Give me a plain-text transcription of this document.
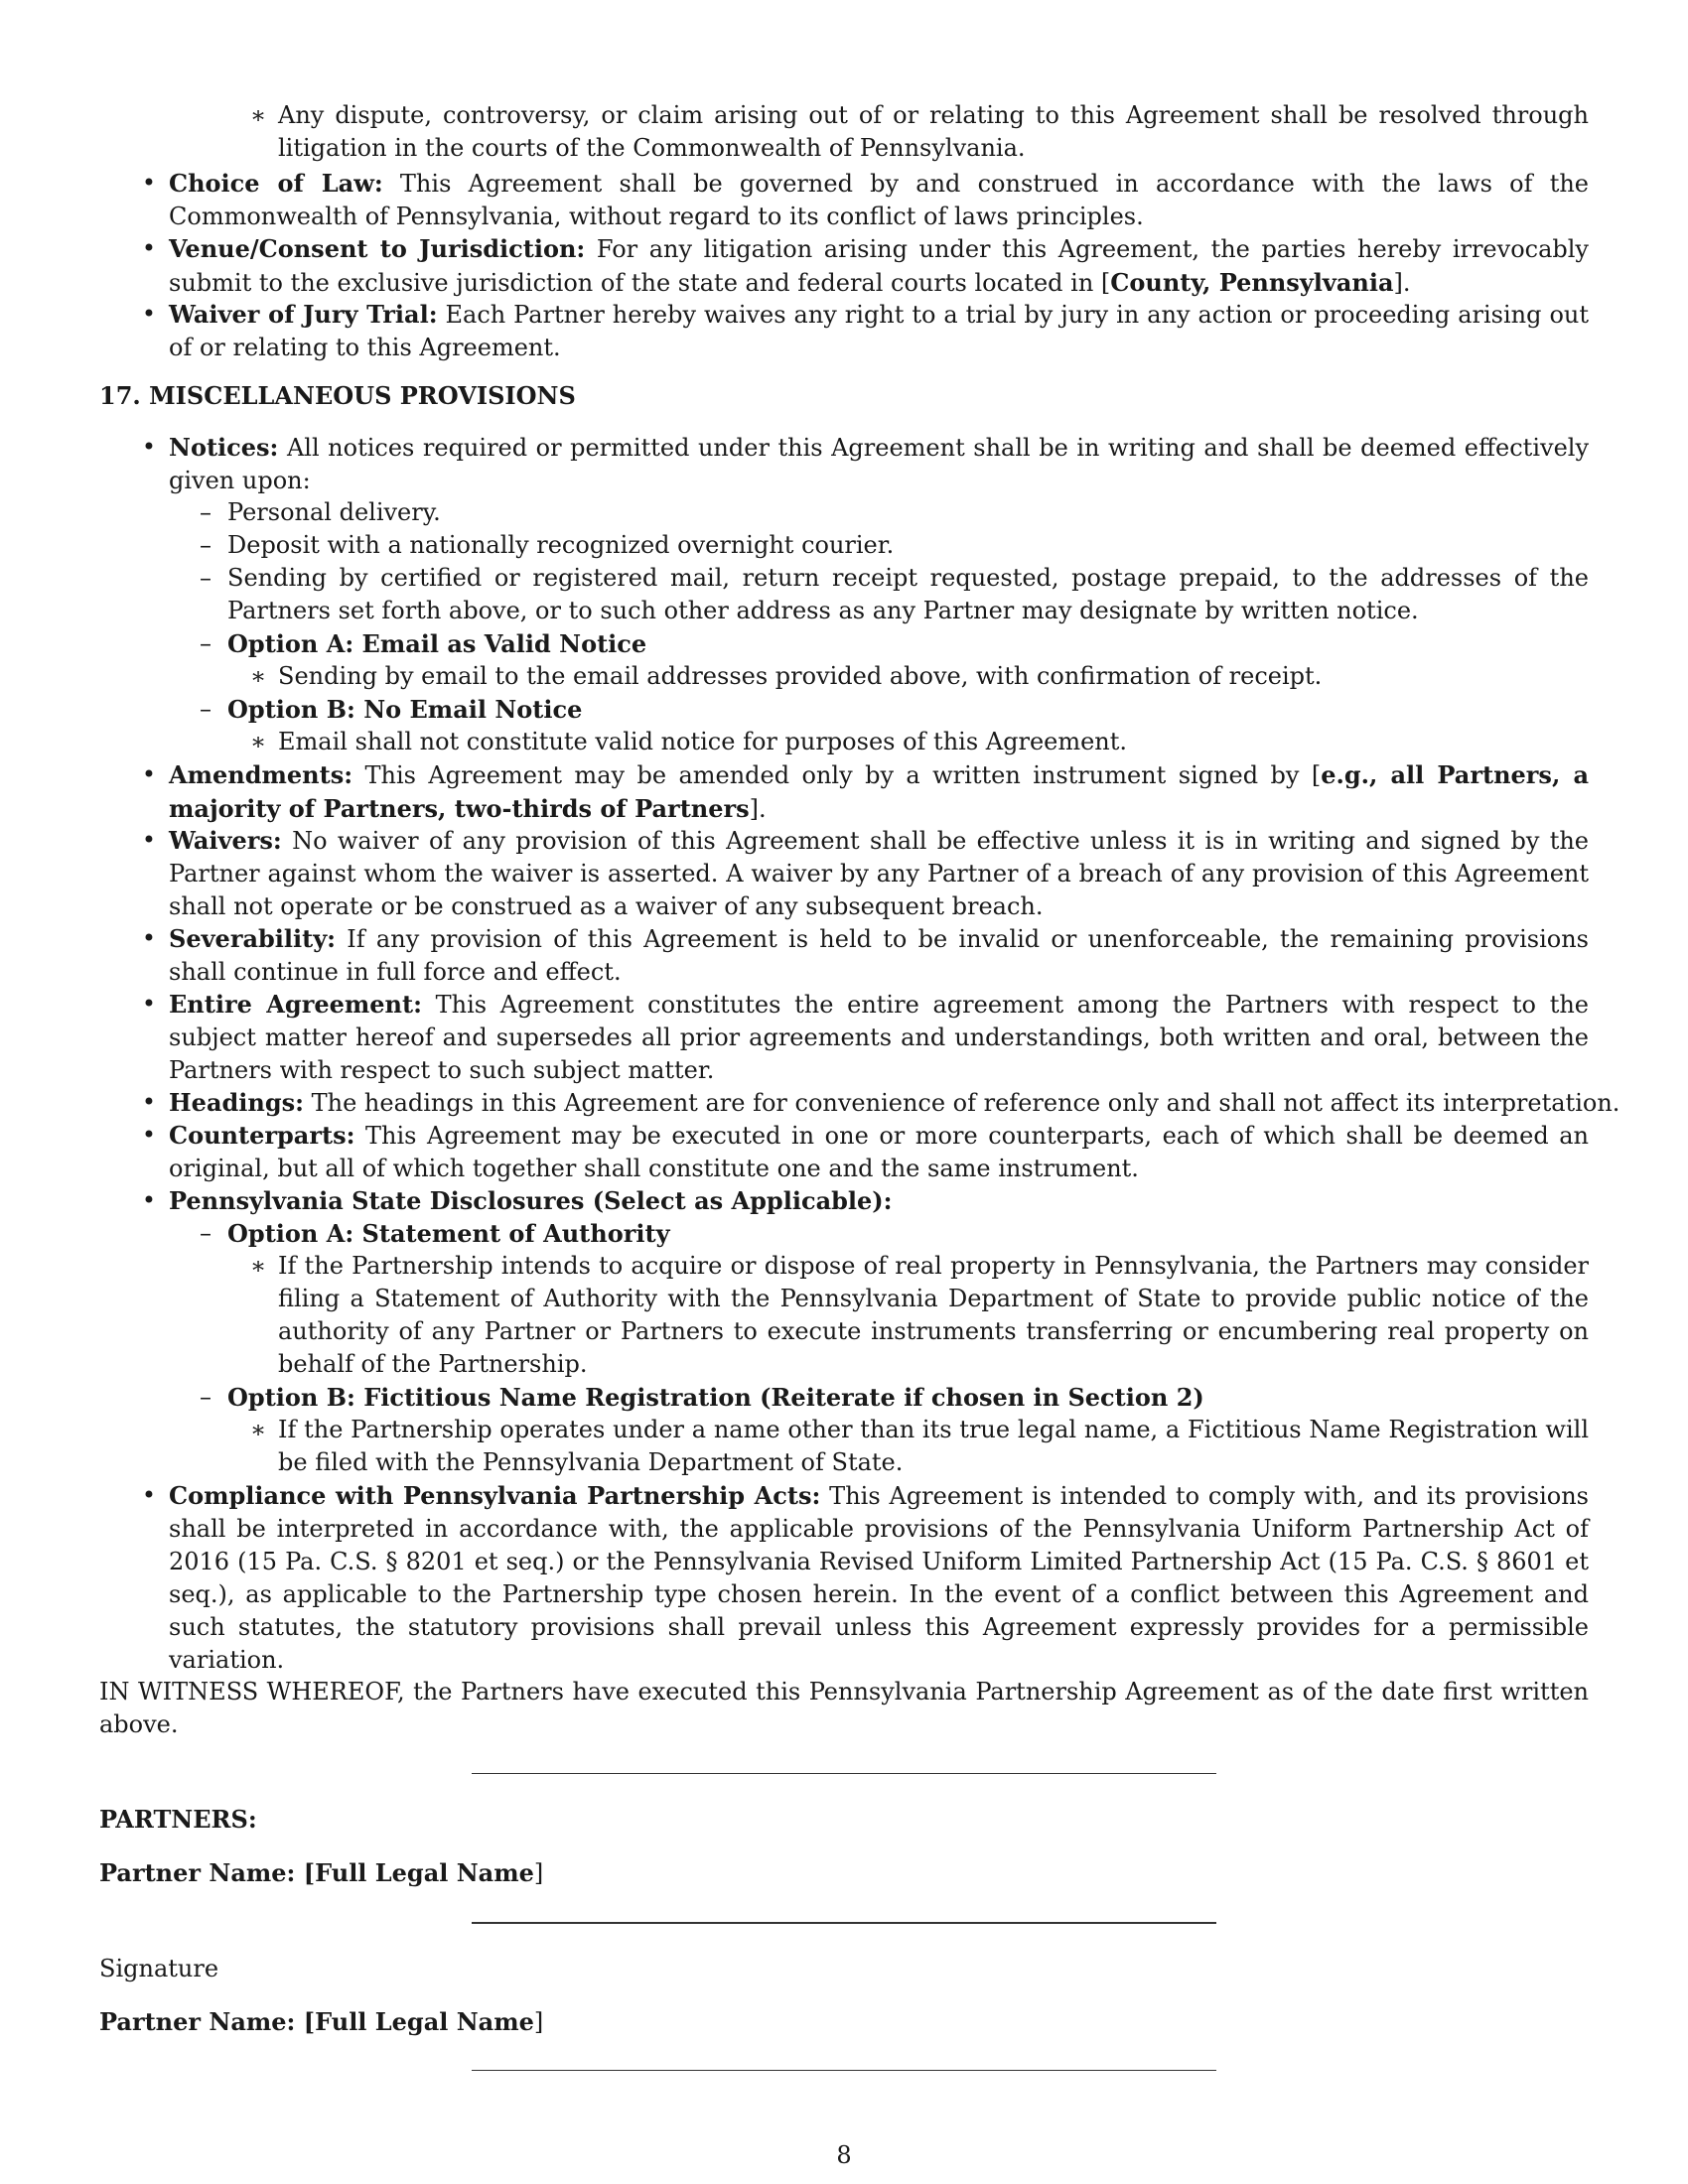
∗ Any dispute, controversy, or claim arising out of or relating to this Agreement shall be resolved through litigation in the courts of the Commonwealth of Pennsylvania.
• Choice of Law: This Agreement shall be governed by and construed in accordance with the laws of the Commonwealth of Pennsylvania, without regard to its conflict of laws principles.
• Venue/Consent to Jurisdiction: For any litigation arising under this Agreement, the parties hereby irrevocably submit to the exclusive jurisdiction of the state and federal courts located in [County, Pennsylvania].
• Waiver of Jury Trial: Each Partner hereby waives any right to a trial by jury in any action or proceeding arising out of or relating to this Agreement.
17. MISCELLANEOUS PROVISIONS
• Notices: All notices required or permitted under this Agreement shall be in writing and shall be deemed effectively given upon:
– Personal delivery.
– Deposit with a nationally recognized overnight courier.
– Sending by certified or registered mail, return receipt requested, postage prepaid, to the addresses of the Partners set forth above, or to such other address as any Partner may designate by written notice.
– Option A: Email as Valid Notice
∗ Sending by email to the email addresses provided above, with confirmation of receipt.
– Option B: No Email Notice
∗ Email shall not constitute valid notice for purposes of this Agreement.
• Amendments: This Agreement may be amended only by a written instrument signed by [e.g., all Partners, a majority of Partners, two-thirds of Partners].
• Waivers: No waiver of any provision of this Agreement shall be effective unless it is in writing and signed by the Partner against whom the waiver is asserted. A waiver by any Partner of a breach of any provision of this Agreement shall not operate or be construed as a waiver of any subsequent breach.
• Severability: If any provision of this Agreement is held to be invalid or unenforceable, the remaining provisions shall continue in full force and effect.
• Entire Agreement: This Agreement constitutes the entire agreement among the Partners with respect to the subject matter hereof and supersedes all prior agreements and understandings, both written and oral, between the Partners with respect to such subject matter.
• Headings: The headings in this Agreement are for convenience of reference only and shall not affect its interpretation.
• Counterparts: This Agreement may be executed in one or more counterparts, each of which shall be deemed an original, but all of which together shall constitute one and the same instrument.
• Pennsylvania State Disclosures (Select as Applicable):
– Option A: Statement of Authority
∗ If the Partnership intends to acquire or dispose of real property in Pennsylvania, the Partners may consider filing a Statement of Authority with the Pennsylvania Department of State to provide public notice of the authority of any Partner or Partners to execute instruments transferring or encumbering real property on behalf of the Partnership.
– Option B: Fictitious Name Registration (Reiterate if chosen in Section 2)
∗ If the Partnership operates under a name other than its true legal name, a Fictitious Name Registration will be filed with the Pennsylvania Department of State.
• Compliance with Pennsylvania Partnership Acts: This Agreement is intended to comply with, and its provisions shall be interpreted in accordance with, the applicable provisions of the Pennsylvania Uniform Partnership Act of 2016 (15 Pa. C.S. § 8201 et seq.) or the Pennsylvania Revised Uniform Limited Partnership Act (15 Pa. C.S. § 8601 et seq.), as applicable to the Partnership type chosen herein. In the event of a conflict between this Agreement and such statutes, the statutory provisions shall prevail unless this Agreement expressly provides for a permissible variation.
IN WITNESS WHEREOF, the Partners have executed this Pennsylvania Partnership Agreement as of the date first written above.
PARTNERS:
Partner Name: [Full Legal Name]
Signature
Partner Name: [Full Legal Name]
8
